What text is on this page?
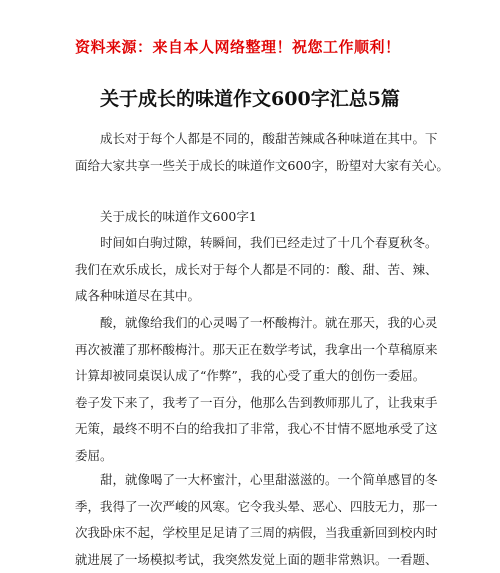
资料来源：来自本人网络整理！祝您工作顺利！
关于成长的味道作文600字汇总5篇
成长对于每个人都是不同的，酸甜苦辣咸各种味道在其中。下
面给大家共享一些关于成长的味道作文600字，盼望对大家有关心。
关于成长的味道作文600字1
时间如白驹过隙，转瞬间，我们已经走过了十几个春夏秋冬。
我们在欢乐成长，成长对于每个人都是不同的：酸、甜、苦、辣、
咸各种味道尽在其中。
酸，就像给我们的心灵喝了一杯酸梅汁。就在那天，我的心灵
再次被灌了那杯酸梅汁。那天正在数学考试，我拿出一个草稿原来
计算却被同桌误认成了“作弊”，我的心受了重大的创伤一委屈。
卷子发下来了，我考了一百分，他那么告到教师那儿了，让我束手
无策，最终不明不白的给我扣了非常，我心不甘情不愿地承受了这
委屈。
甜，就像喝了一大杯蜜汁，心里甜滋滋的。一个简单感冒的冬
季，我得了一次严峻的风寒。它令我头晕、恶心、四肢无力，那一
次我卧床不起，学校里足足请了三周的病假，当我重新回到校内时
就进展了一场模拟考试，我突然发觉上面的题非常熟识。一看题、
